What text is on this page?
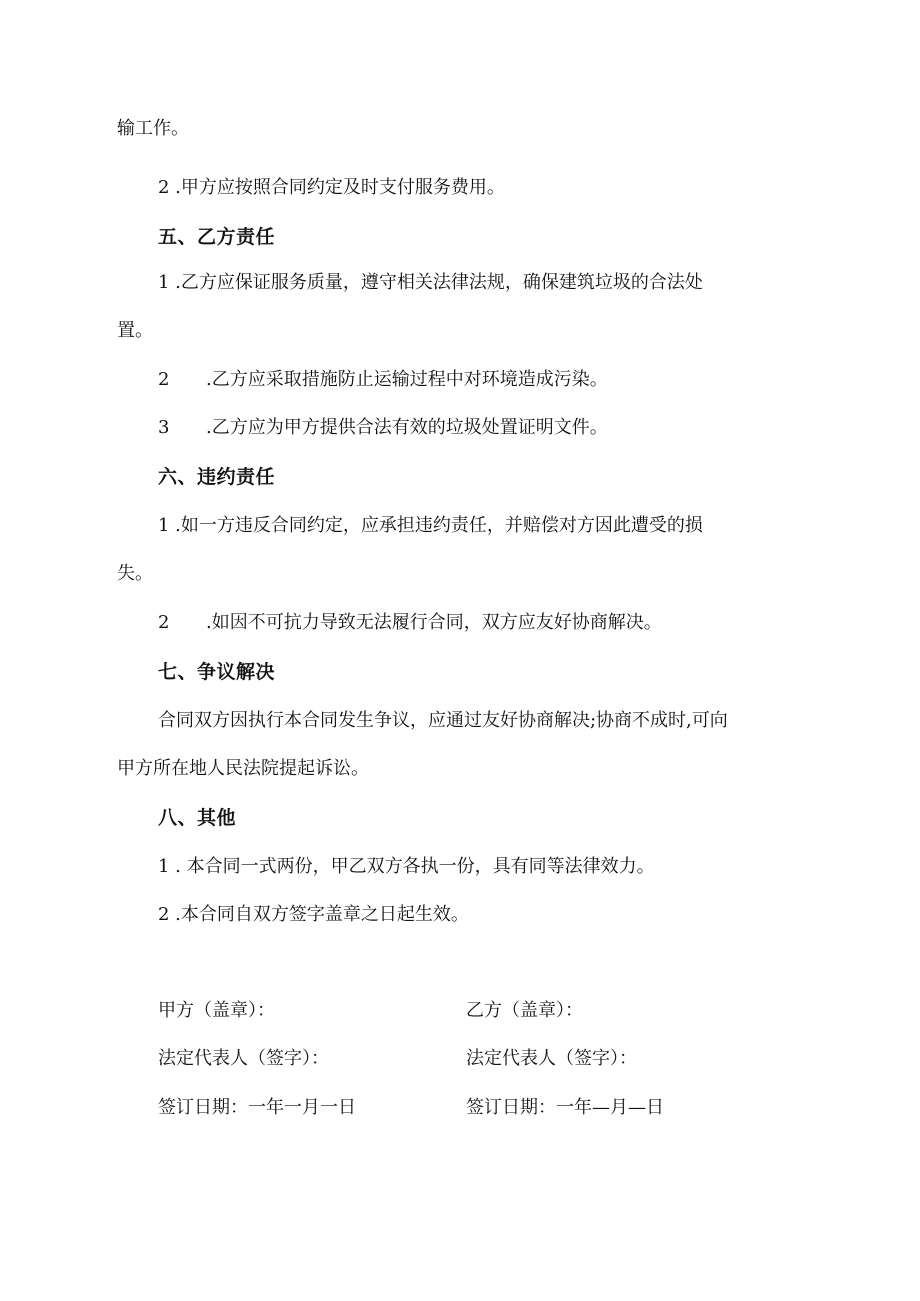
输工作。
2 .甲方应按照合同约定及时支付服务费用。
五、乙方责任
1 .乙方应保证服务质量，遵守相关法律法规，确保建筑垃圾的合法处
置。
2 .乙方应采取措施防止运输过程中对环境造成污染。
3 .乙方应为甲方提供合法有效的垃圾处置证明文件。
六、违约责任
1 .如一方违反合同约定，应承担违约责任，并赔偿对方因此遭受的损
失。
2 .如因不可抗力导致无法履行合同，双方应友好协商解决。
七、争议解决
合同双方因执行本合同发生争议，应通过友好协商解决;协商不成时,可向
甲方所在地人民法院提起诉讼。
八、其他
1 . 本合同一式两份，甲乙双方各执一份，具有同等法律效力。
2 .本合同自双方签字盖章之日起生效。
甲方（盖章）：
法定代表人（签字）：
签订日期：一年一月一日
乙方（盖章）：
法定代表人（签字）：
签订日期：一年—月—日
